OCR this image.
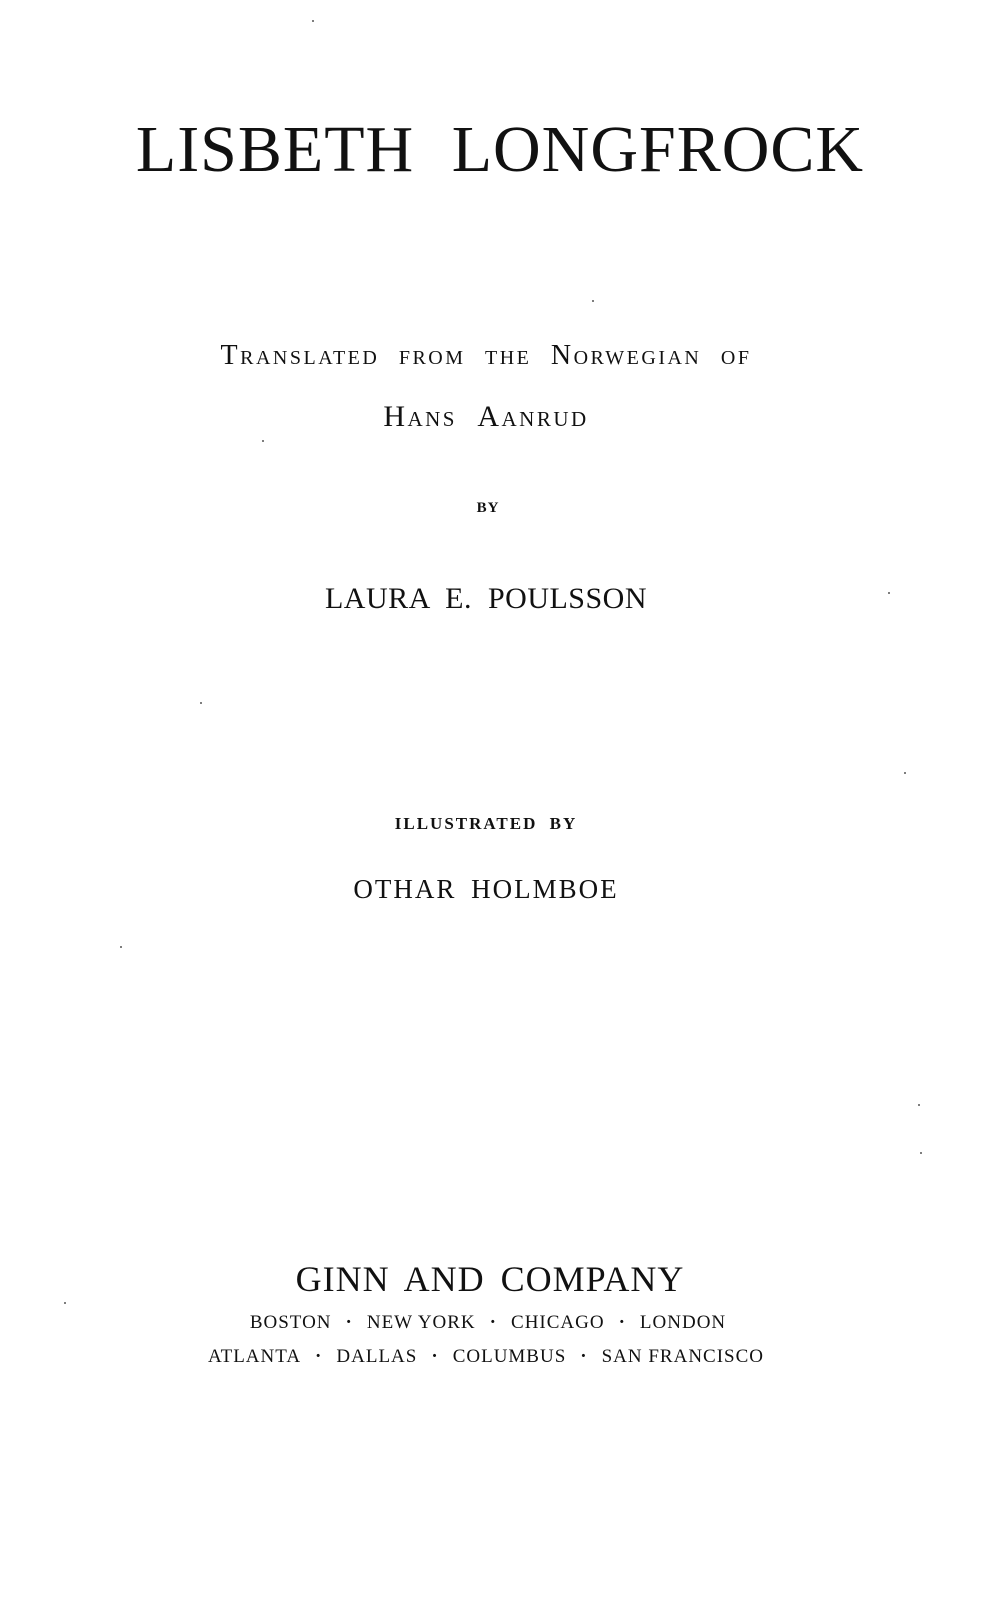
LISBETH LONGFROCK
Translated from the Norwegian of
Hans Aanrud
BY
LAURA E. POULSSON
ILLUSTRATED BY
OTHAR HOLMBOE
GINN AND COMPANY
BOSTON · NEW YORK · CHICAGO · LONDON
ATLANTA · DALLAS · COLUMBUS · SAN FRANCISCO
